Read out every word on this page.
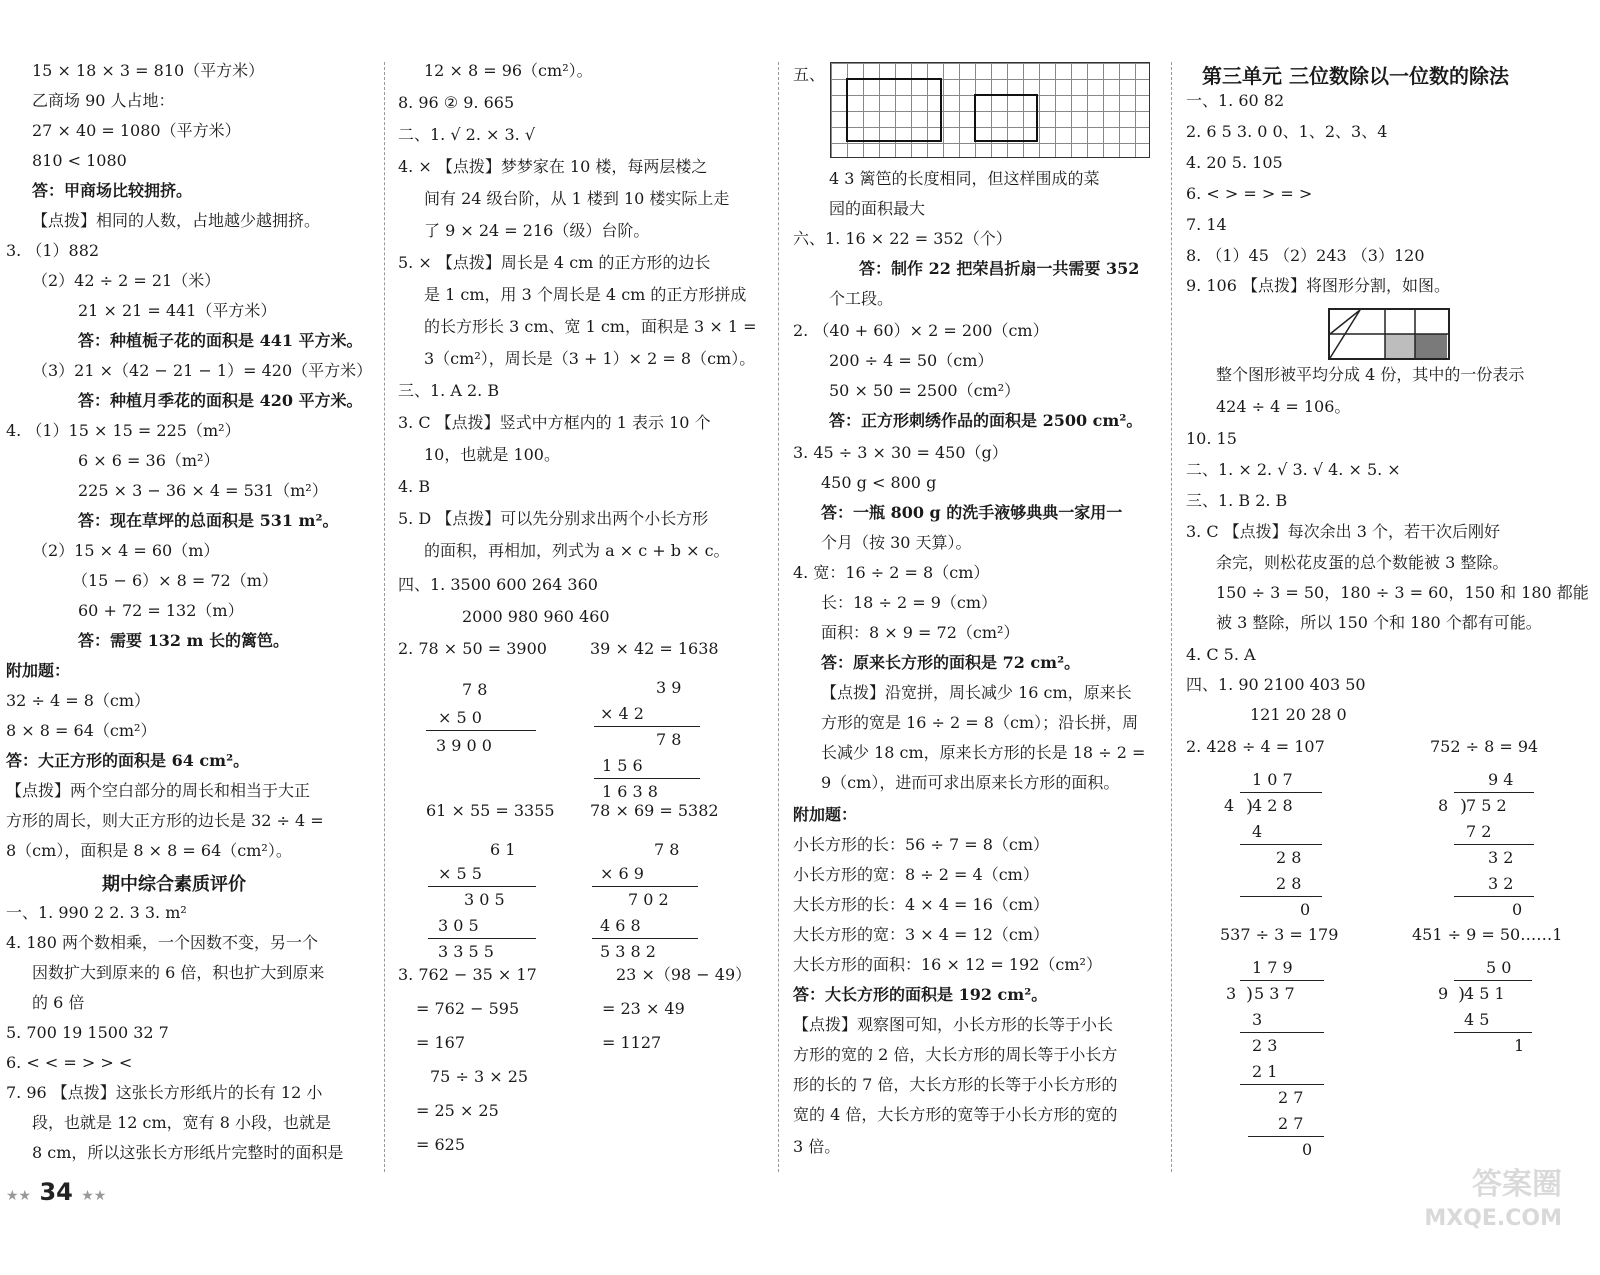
15 × 18 × 3 = 810（平方米）
乙商场 90 人占地：
27 × 40 = 1080（平方米）
810 < 1080
答：甲商场比较拥挤。
【点拨】相同的人数，占地越少越拥挤。
3. （1）882
（2）42 ÷ 2 = 21（米）
21 × 21 = 441（平方米）
答：种植栀子花的面积是 441 平方米。
（3）21 ×（42 − 21 − 1）= 420（平方米）
答：种植月季花的面积是 420 平方米。
4. （1）15 × 15 = 225（m²）
6 × 6 = 36（m²）
225 × 3 − 36 × 4 = 531（m²）
答：现在草坪的总面积是 531 m²。
（2）15 × 4 = 60（m）
（15 − 6）× 8 = 72（m）
60 + 72 = 132（m）
答：需要 132 m 长的篱笆。
附加题：
32 ÷ 4 = 8（cm）
8 × 8 = 64（cm²）
答：大正方形的面积是 64 cm²。
【点拨】两个空白部分的周长和相当于大正
方形的周长，则大正方形的边长是 32 ÷ 4 =
8（cm），面积是 8 × 8 = 64（cm²）。
期中综合素质评价
一、1. 990 2 2. 3 3. m²
4. 180 两个数相乘，一个因数不变，另一个
因数扩大到原来的 6 倍，积也扩大到原来
的 6 倍
5. 700 19 1500 32 7
6. < < = > > <
7. 96 【点拨】这张长方形纸片的长有 12 小
段，也就是 12 cm，宽有 8 小段，也就是
8 cm，所以这张长方形纸片完整时的面积是
12 × 8 = 96（cm²）。
8. 96 ② 9. 665
二、1. √ 2. × 3. √
4. × 【点拨】梦梦家在 10 楼，每两层楼之
间有 24 级台阶，从 1 楼到 10 楼实际上走
了 9 × 24 = 216（级）台阶。
5. × 【点拨】周长是 4 cm 的正方形的边长
是 1 cm，用 3 个周长是 4 cm 的正方形拼成
的长方形长 3 cm、宽 1 cm，面积是 3 × 1 =
3（cm²），周长是（3 + 1）× 2 = 8（cm）。
三、1. A 2. B
3. C 【点拨】竖式中方框内的 1 表示 10 个
10，也就是 100。
4. B
5. D 【点拨】可以先分别求出两个小长方形
的面积，再相加，列式为 a × c + b × c。
四、1. 3500 600 264 360
2000 980 960 460
2. 78 × 50 = 3900	39 × 42 = 1638
61 × 55 = 3355 78 × 69 = 5382
3. 762 − 35 × 17	23 ×（98 − 49）
= 762 − 595	= 23 × 49
= 167	= 1127
75 ÷ 3 × 25
= 25 × 25
= 625
7 8
× 5 0
3 9 0 0
3 9
× 4 2
7 8
1 5 6
1 6 3 8
6 1
× 5 5
3 0 5
3 0 5
3 3 5 5
7 8
× 6 9
7 0 2
4 6 8
5 3 8 2
五、
4 3 篱笆的长度相同，但这样围成的菜
园的面积最大
六、1. 16 × 22 = 352（个）
答：制作 22 把荣昌折扇一共需要 352
个工段。
2. （40 + 60）× 2 = 200（cm）
200 ÷ 4 = 50（cm）
50 × 50 = 2500（cm²）
答：正方形刺绣作品的面积是 2500 cm²。
3. 45 ÷ 3 × 30 = 450（g）
450 g < 800 g
答：一瓶 800 g 的洗手液够典典一家用一
个月（按 30 天算）。
4. 宽：16 ÷ 2 = 8（cm）
长：18 ÷ 2 = 9（cm）
面积：8 × 9 = 72（cm²）
答：原来长方形的面积是 72 cm²。
【点拨】沿宽拼，周长减少 16 cm，原来长
方形的宽是 16 ÷ 2 = 8（cm）；沿长拼，周
长减少 18 cm，原来长方形的长是 18 ÷ 2 =
9（cm），进而可求出原来长方形的面积。
附加题：
小长方形的长：56 ÷ 7 = 8（cm）
小长方形的宽：8 ÷ 2 = 4（cm）
大长方形的长：4 × 4 = 16（cm）
大长方形的宽：3 × 4 = 12（cm）
大长方形的面积：16 × 12 = 192（cm²）
答：大长方形的面积是 192 cm²。
【点拨】观察图可知，小长方形的长等于小长
方形的宽的 2 倍，大长方形的周长等于小长方
形的长的 7 倍，大长方形的长等于小长方形的
宽的 4 倍，大长方形的宽等于小长方形的宽的
3 倍。
第三单元 三位数除以一位数的除法
一、1. 60 82
2. 6 5 3. 0 0、1、2、3、4
4. 20 5. 105
6. < > = > = >
7. 14
8. （1）45 （2）243 （3）120
9. 106 【点拨】将图形分割，如图。
整个图形被平均分成 4 份，其中的一份表示
424 ÷ 4 = 106。
10. 15
二、1. × 2. √ 3. √ 4. × 5. ×
三、1. B 2. B
3. C 【点拨】每次余出 3 个，若干次后刚好
余完，则松花皮蛋的总个数能被 3 整除。
150 ÷ 3 = 50，180 ÷ 3 = 60，150 和 180 都能
被 3 整除，所以 150 个和 180 个都有可能。
4. C 5. A
四、1. 90 2100 403 50
121 20 28 0
2. 428 ÷ 4 = 107	752 ÷ 8 = 94
537 ÷ 3 = 179	451 ÷ 9 = 50……1
1 0 7
4 )
4 2 8
4
2 8
2 8
0
9 4
8 )
7 5 2
7 2
3 2
3 2
0
1 7 9
3 ) 5 3 7
3
2 3
2 1
2 7
2 7
0
5 0
9 )
4 5 1
4 5
1
★★ 34 ★★	答案圈
MXQE.COM
